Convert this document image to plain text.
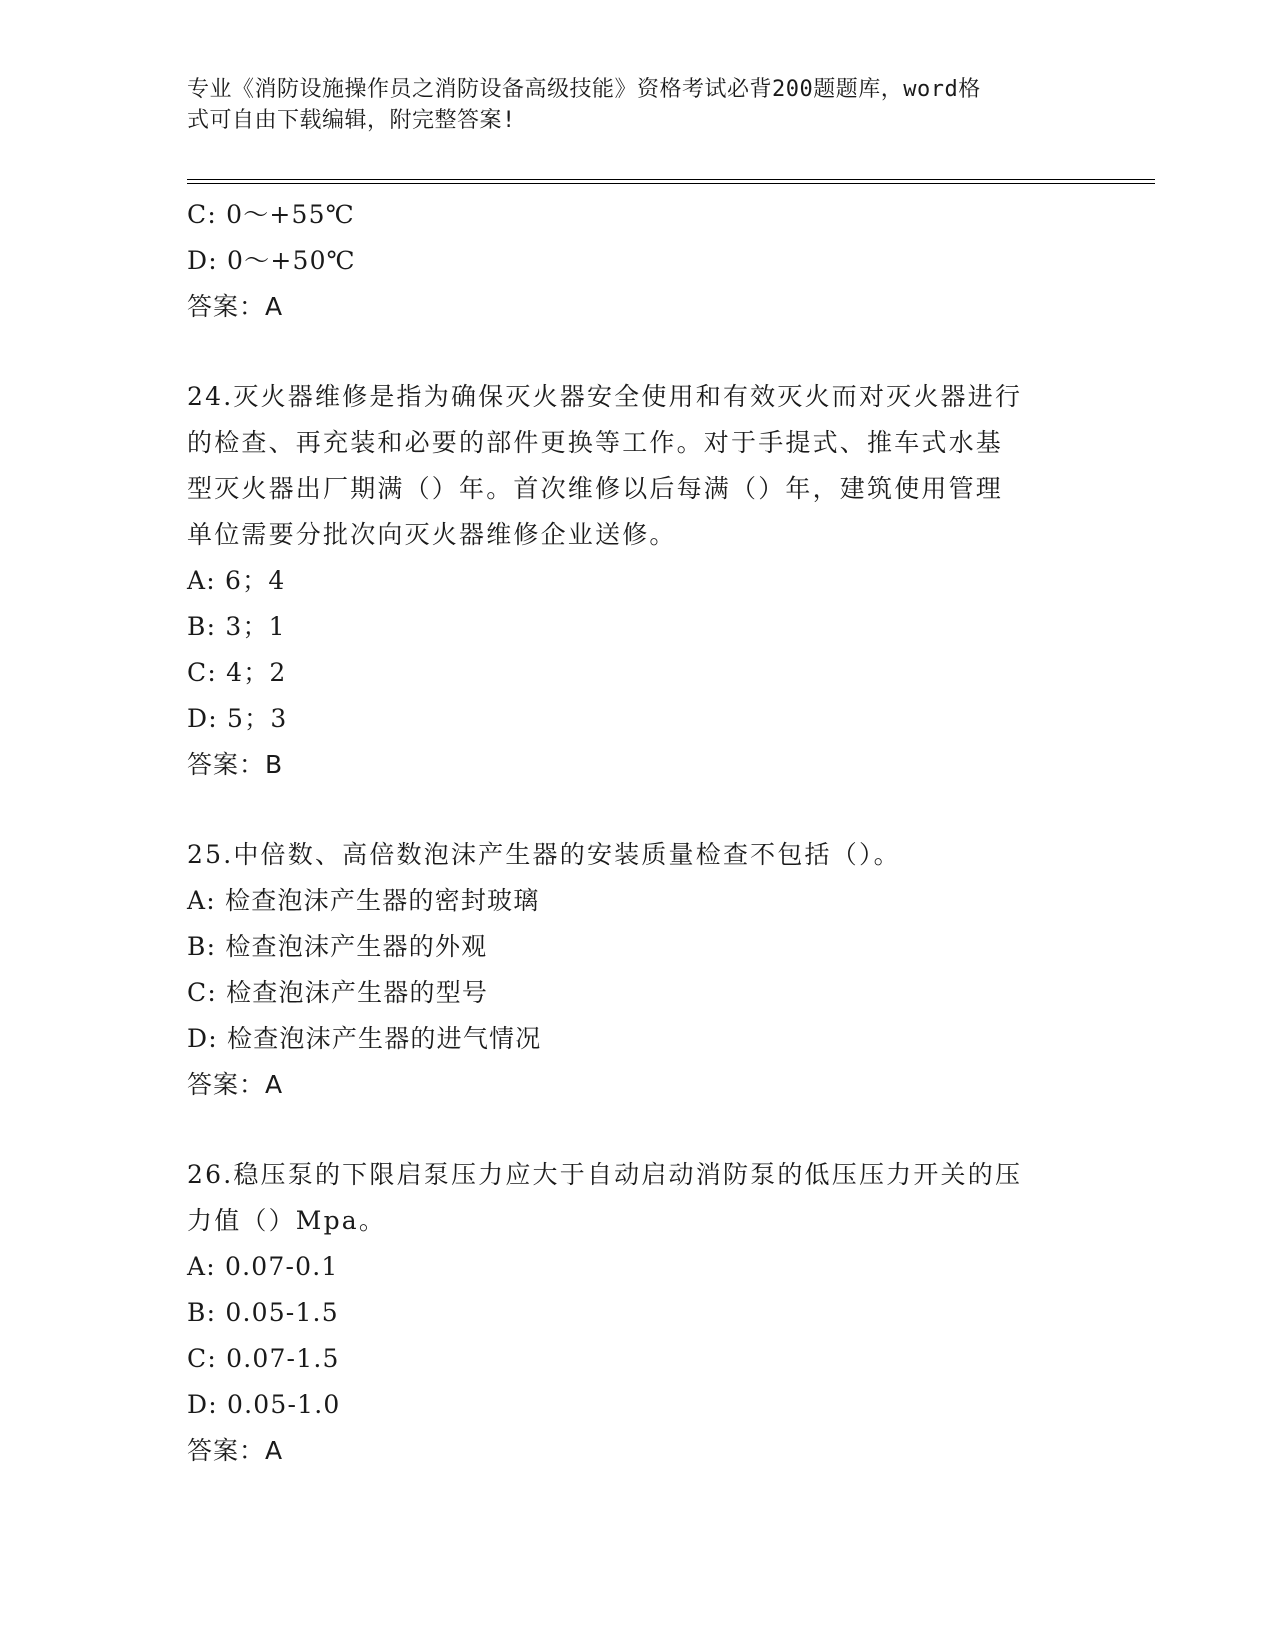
专业《消防设施操作员之消防设备高级技能》资格考试必背200题题库，word格
式可自由下载编辑，附完整答案!
C: 0～+55℃
D: 0～+50℃
答案：A
24.灭火器维修是指为确保灭火器安全使用和有效灭火而对灭火器进行
的检查、再充装和必要的部件更换等工作。对于手提式、推车式水基
型灭火器出厂期满（）年。首次维修以后每满（）年，建筑使用管理
单位需要分批次向灭火器维修企业送修。
A: 6；4
B: 3；1
C: 4；2
D: 5；3
答案：B
25.中倍数、高倍数泡沫产生器的安装质量检查不包括（）。
A: 检查泡沫产生器的密封玻璃
B: 检查泡沫产生器的外观
C: 检查泡沫产生器的型号
D: 检查泡沫产生器的进气情况
答案：A
26.稳压泵的下限启泵压力应大于自动启动消防泵的低压压力开关的压
力值（）Mpa。
A: 0.07-0.1
B: 0.05-1.5
C: 0.07-1.5
D: 0.05-1.0
答案：A
